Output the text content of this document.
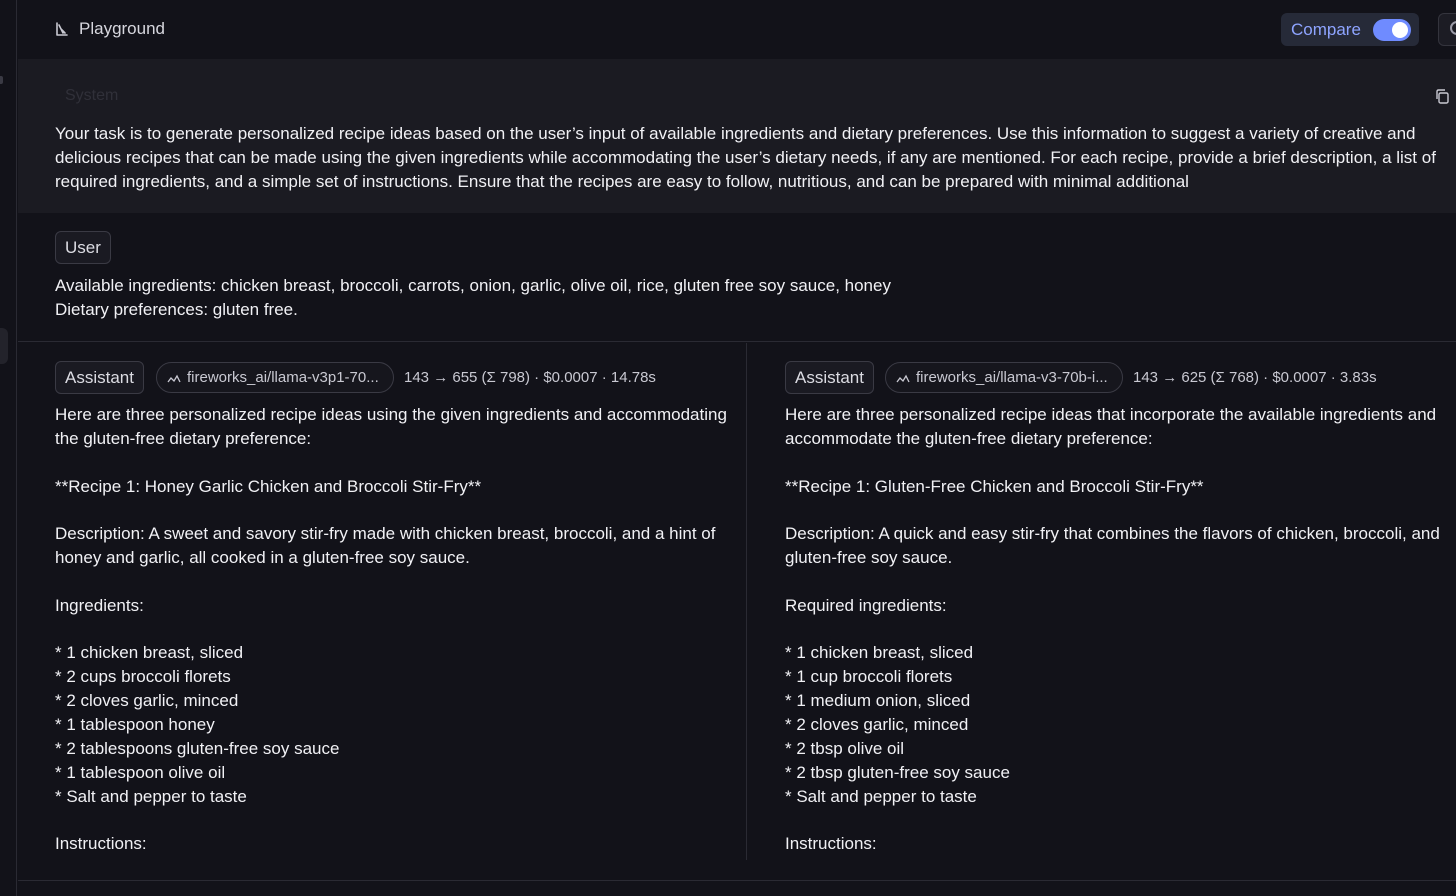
Playground	Compare
System
Your task is to generate personalized recipe ideas based on the user’s input of available ingredients and dietary preferences. Use this information to suggest a variety of creative and delicious recipes that can be made using the given ingredients while accommodating the user’s dietary needs, if any are mentioned. For each recipe, provide a brief description, a list of required ingredients, and a simple set of instructions. Ensure that the recipes are easy to follow, nutritious, and can be prepared with minimal additional
User
Available ingredients: chicken breast, broccoli, carrots, onion, garlic, olive oil, rice, gluten free soy sauce, honey
Dietary preferences: gluten free.
Assistant	fireworks_ai/llama-v3p1-70... 143 → 655 (Σ 798) · $0.0007 · 14.78s
Here are three personalized recipe ideas using the given ingredients and accommodating the gluten-free dietary preference:

**Recipe 1: Honey Garlic Chicken and Broccoli Stir-Fry**

Description: A sweet and savory stir-fry made with chicken breast, broccoli, and a hint of honey and garlic, all cooked in a gluten-free soy sauce.

Ingredients:

* 1 chicken breast, sliced
* 2 cups broccoli florets
* 2 cloves garlic, minced
* 1 tablespoon honey
* 2 tablespoons gluten-free soy sauce
* 1 tablespoon olive oil
* Salt and pepper to taste

Instructions:
Assistant	fireworks_ai/llama-v3-70b-i... 143 → 625 (Σ 768) · $0.0007 · 3.83s
Here are three personalized recipe ideas that incorporate the available ingredients and accommodate the gluten-free dietary preference:

**Recipe 1: Gluten-Free Chicken and Broccoli Stir-Fry**

Description: A quick and easy stir-fry that combines the flavors of chicken, broccoli, and gluten-free soy sauce.

Required ingredients:

* 1 chicken breast, sliced
* 1 cup broccoli florets
* 1 medium onion, sliced
* 2 cloves garlic, minced
* 2 tbsp olive oil
* 2 tbsp gluten-free soy sauce
* Salt and pepper to taste

Instructions:
